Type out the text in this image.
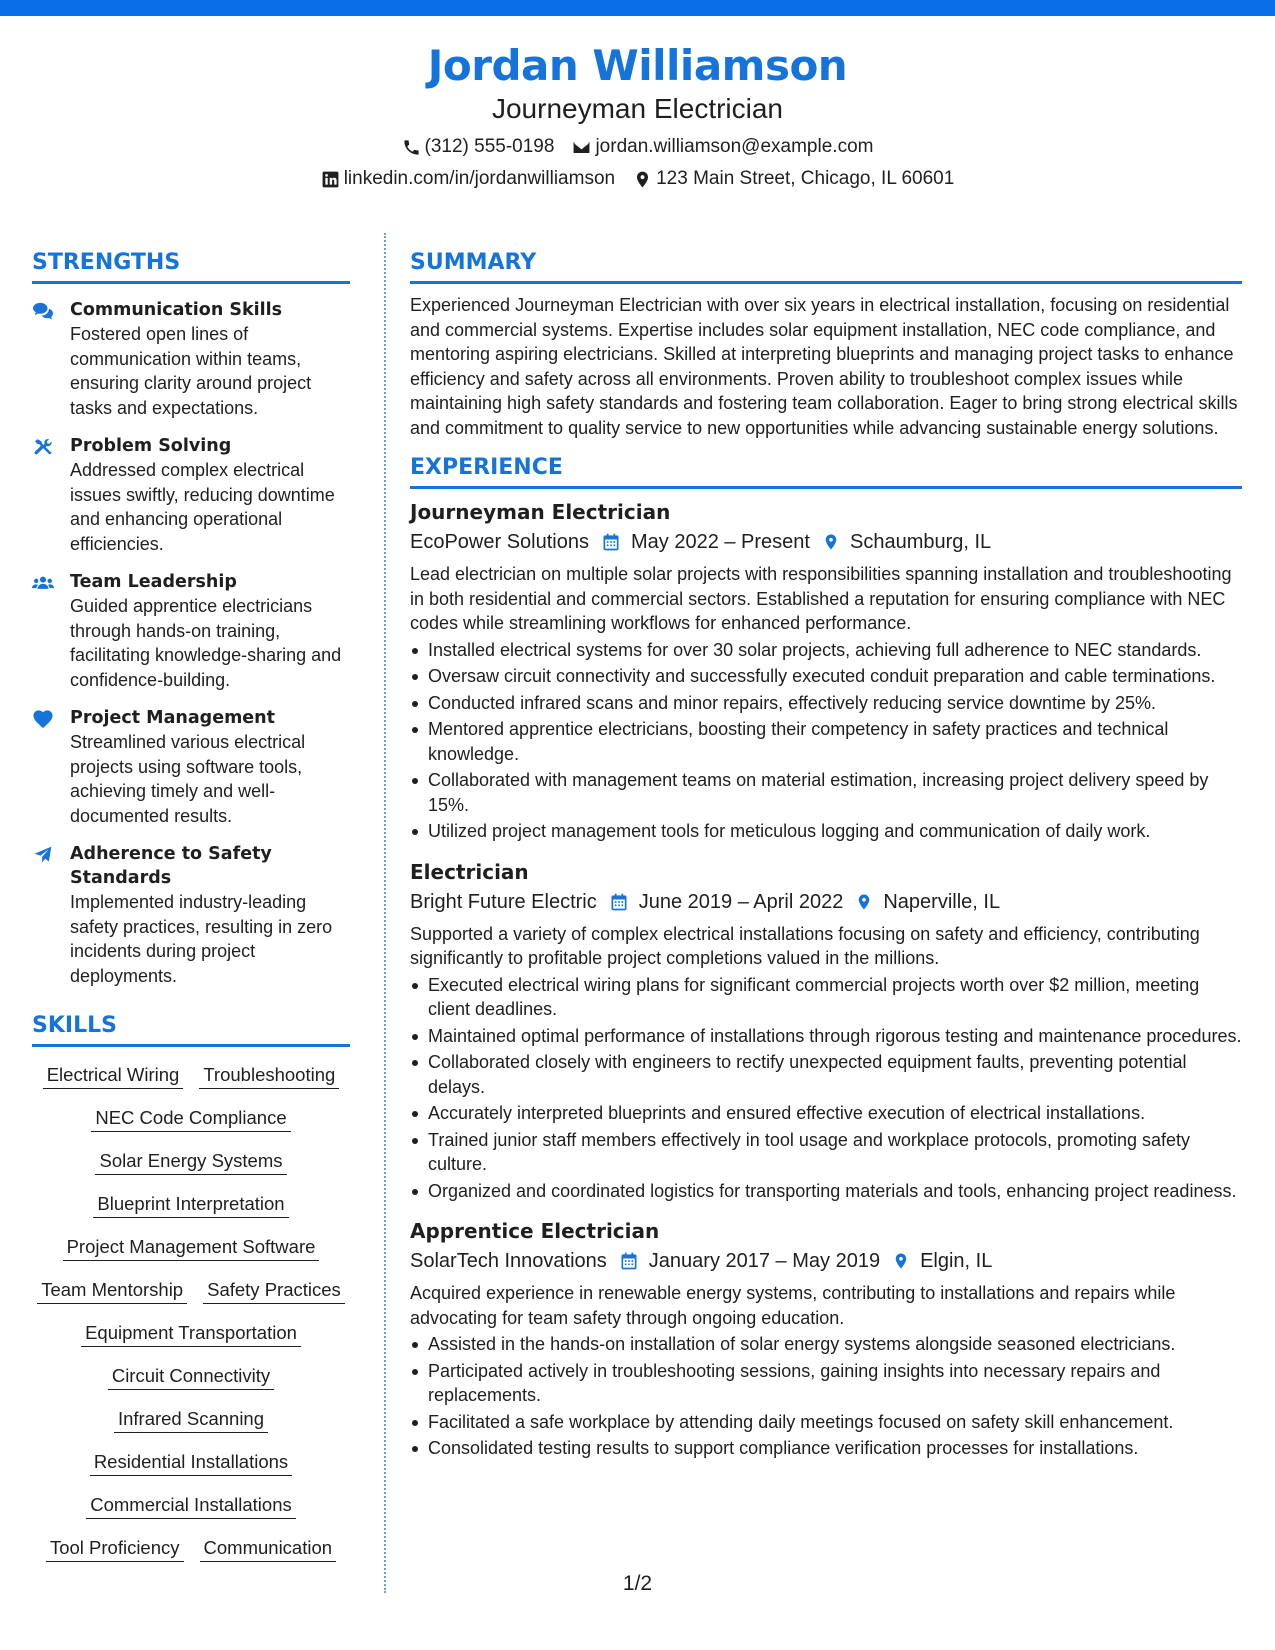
Jordan Williamson
Journeyman Electrician
(312) 555-0198 jordan.williamson@example.com
linkedin.com/in/jordanwilliamson 123 Main Street, Chicago, IL 60601
STRENGTHS
Communication Skills
Fostered open lines of communication within teams, ensuring clarity around project tasks and expectations.
Problem Solving
Addressed complex electrical issues swiftly, reducing downtime and enhancing operational efficiencies.
Team Leadership
Guided apprentice electricians through hands-on training, facilitating knowledge-sharing and confidence-building.
Project Management
Streamlined various electrical projects using software tools, achieving timely and well-documented results.
Adherence to Safety Standards
Implemented industry-leading safety practices, resulting in zero incidents during project deployments.
SKILLS
Electrical Wiring Troubleshooting
NEC Code Compliance
Solar Energy Systems
Blueprint Interpretation
Project Management Software
Team Mentorship Safety Practices
Equipment Transportation
Circuit Connectivity
Infrared Scanning
Residential Installations
Commercial Installations
Tool Proficiency Communication
SUMMARY
Experienced Journeyman Electrician with over six years in electrical installation, focusing on residential and commercial systems. Expertise includes solar equipment installation, NEC code compliance, and mentoring aspiring electricians. Skilled at interpreting blueprints and managing project tasks to enhance efficiency and safety across all environments. Proven ability to troubleshoot complex issues while maintaining high safety standards and fostering team collaboration. Eager to bring strong electrical skills and commitment to quality service to new opportunities while advancing sustainable energy solutions.
EXPERIENCE
Journeyman Electrician
EcoPower Solutions May 2022 – Present Schaumburg, IL
Lead electrician on multiple solar projects with responsibilities spanning installation and troubleshooting in both residential and commercial sectors. Established a reputation for ensuring compliance with NEC codes while streamlining workflows for enhanced performance.
Installed electrical systems for over 30 solar projects, achieving full adherence to NEC standards.
Oversaw circuit connectivity and successfully executed conduit preparation and cable terminations.
Conducted infrared scans and minor repairs, effectively reducing service downtime by 25%.
Mentored apprentice electricians, boosting their competency in safety practices and technical knowledge.
Collaborated with management teams on material estimation, increasing project delivery speed by 15%.
Utilized project management tools for meticulous logging and communication of daily work.
Electrician
Bright Future Electric June 2019 – April 2022 Naperville, IL
Supported a variety of complex electrical installations focusing on safety and efficiency, contributing significantly to profitable project completions valued in the millions.
Executed electrical wiring plans for significant commercial projects worth over $2 million, meeting client deadlines.
Maintained optimal performance of installations through rigorous testing and maintenance procedures.
Collaborated closely with engineers to rectify unexpected equipment faults, preventing potential delays.
Accurately interpreted blueprints and ensured effective execution of electrical installations.
Trained junior staff members effectively in tool usage and workplace protocols, promoting safety culture.
Organized and coordinated logistics for transporting materials and tools, enhancing project readiness.
Apprentice Electrician
SolarTech Innovations January 2017 – May 2019 Elgin, IL
Acquired experience in renewable energy systems, contributing to installations and repairs while advocating for team safety through ongoing education.
Assisted in the hands-on installation of solar energy systems alongside seasoned electricians.
Participated actively in troubleshooting sessions, gaining insights into necessary repairs and replacements.
Facilitated a safe workplace by attending daily meetings focused on safety skill enhancement.
Consolidated testing results to support compliance verification processes for installations.
1/2
